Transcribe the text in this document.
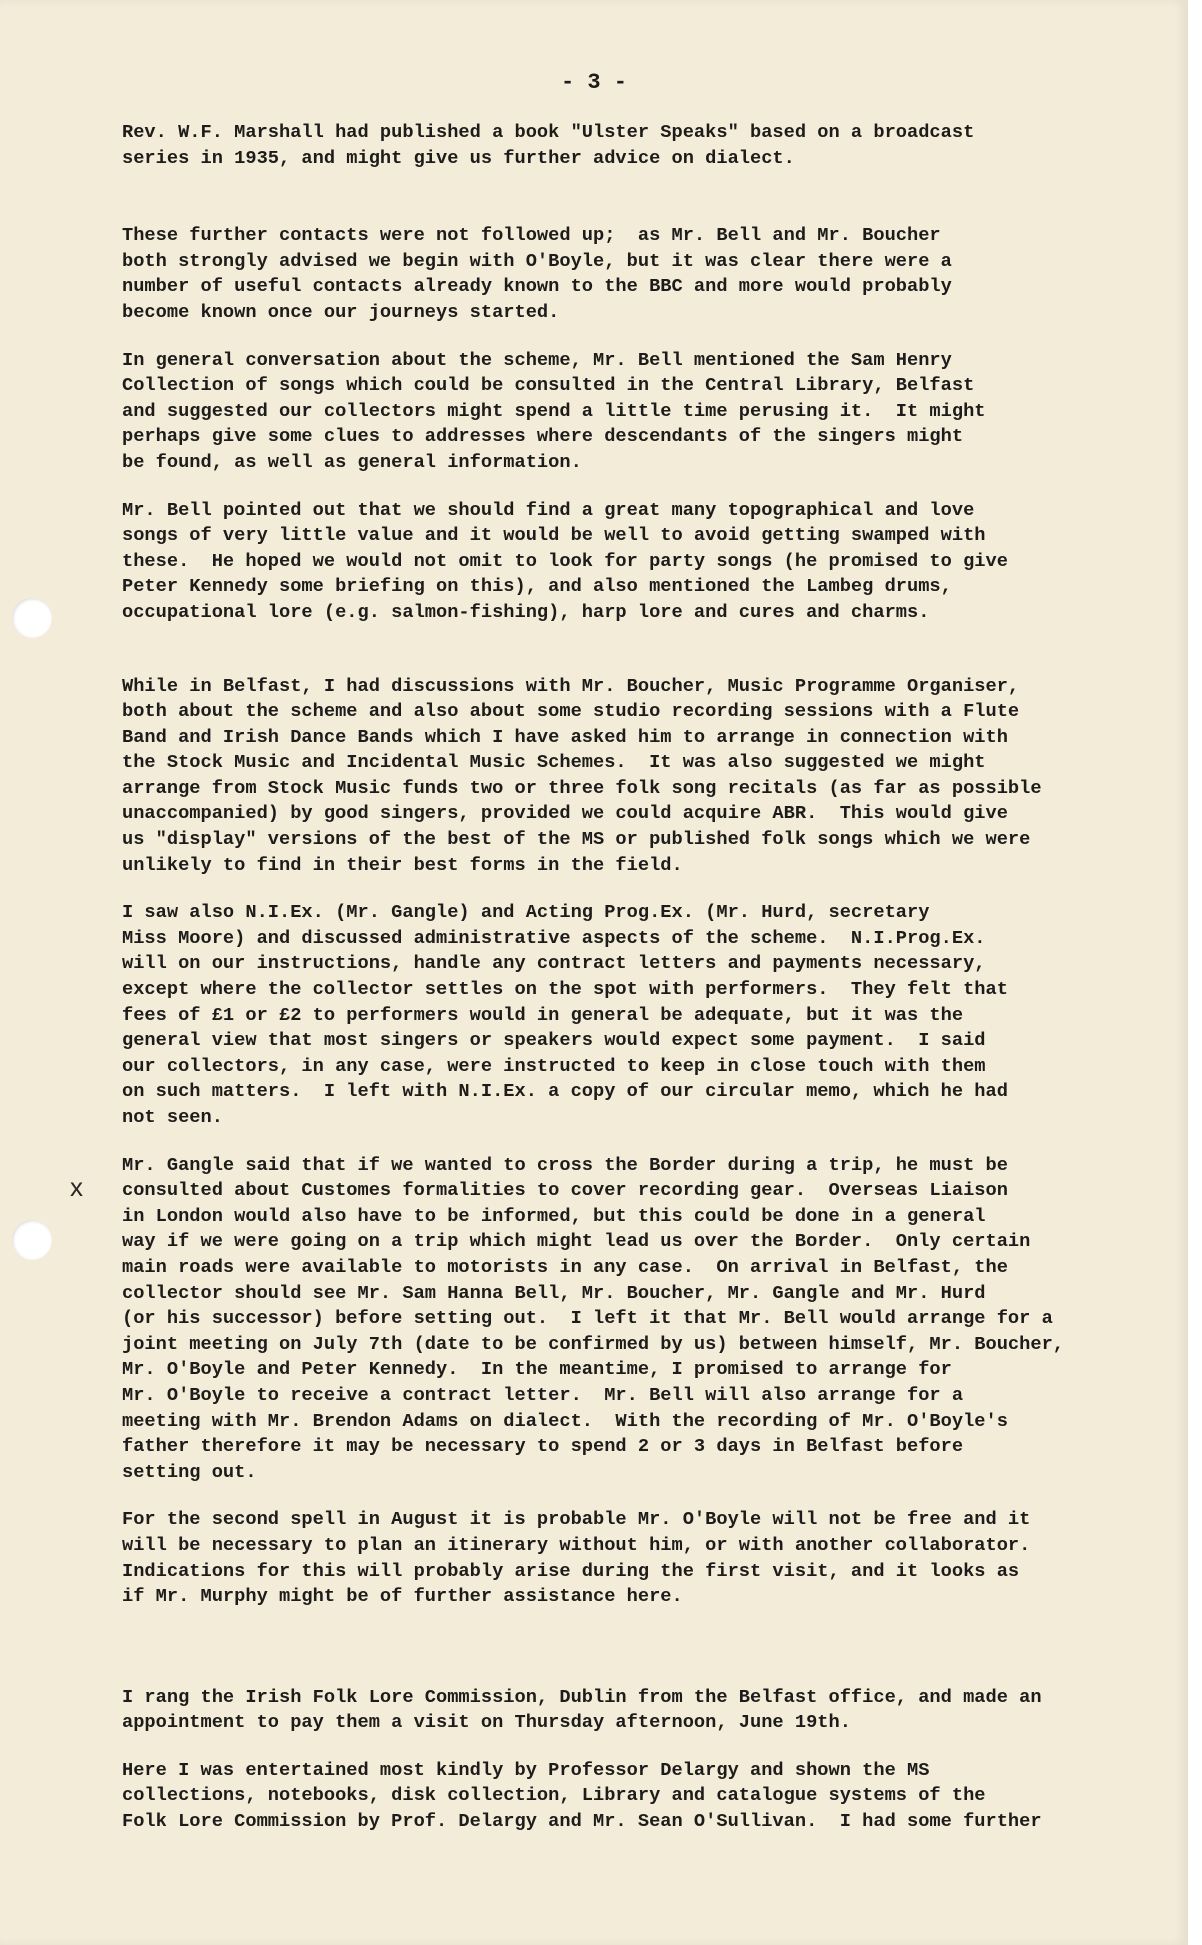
- 3 -
x

Rev. W.F. Marshall had published a book "Ulster Speaks" based on a broadcast
series in 1935, and might give us further advice on dialect.

These further contacts were not followed up;  as Mr. Bell and Mr. Boucher
both strongly advised we begin with O'Boyle, but it was clear there were a
number of useful contacts already known to the BBC and more would probably
become known once our journeys started.

In general conversation about the scheme, Mr. Bell mentioned the Sam Henry
Collection of songs which could be consulted in the Central Library, Belfast
and suggested our collectors might spend a little time perusing it.  It might
perhaps give some clues to addresses where descendants of the singers might
be found, as well as general information.

Mr. Bell pointed out that we should find a great many topographical and love
songs of very little value and it would be well to avoid getting swamped with
these.  He hoped we would not omit to look for party songs (he promised to give
Peter Kennedy some briefing on this), and also mentioned the Lambeg drums,
occupational lore (e.g. salmon-fishing), harp lore and cures and charms.

While in Belfast, I had discussions with Mr. Boucher, Music Programme Organiser,
both about the scheme and also about some studio recording sessions with a Flute
Band and Irish Dance Bands which I have asked him to arrange in connection with
the Stock Music and Incidental Music Schemes.  It was also suggested we might
arrange from Stock Music funds two or three folk song recitals (as far as possible
unaccompanied) by good singers, provided we could acquire ABR.  This would give
us "display" versions of the best of the MS or published folk songs which we were
unlikely to find in their best forms in the field.

I saw also N.I.Ex. (Mr. Gangle) and Acting Prog.Ex. (Mr. Hurd, secretary
Miss Moore) and discussed administrative aspects of the scheme.  N.I.Prog.Ex.
will on our instructions, handle any contract letters and payments necessary,
except where the collector settles on the spot with performers.  They felt that
fees of £1 or £2 to performers would in general be adequate, but it was the
general view that most singers or speakers would expect some payment.  I said
our collectors, in any case, were instructed to keep in close touch with them
on such matters.  I left with N.I.Ex. a copy of our circular memo, which he had
not seen.

Mr. Gangle said that if we wanted to cross the Border during a trip, he must be
consulted about Customes formalities to cover recording gear.  Overseas Liaison
in London would also have to be informed, but this could be done in a general
way if we were going on a trip which might lead us over the Border.  Only certain
main roads were available to motorists in any case.  On arrival in Belfast, the
collector should see Mr. Sam Hanna Bell, Mr. Boucher, Mr. Gangle and Mr. Hurd
(or his successor) before setting out.  I left it that Mr. Bell would arrange for a
joint meeting on July 7th (date to be confirmed by us) between himself, Mr. Boucher,
Mr. O'Boyle and Peter Kennedy.  In the meantime, I promised to arrange for
Mr. O'Boyle to receive a contract letter.  Mr. Bell will also arrange for a
meeting with Mr. Brendon Adams on dialect.  With the recording of Mr. O'Boyle's
father therefore it may be necessary to spend 2 or 3 days in Belfast before
setting out.

For the second spell in August it is probable Mr. O'Boyle will not be free and it
will be necessary to plan an itinerary without him, or with another collaborator.
Indications for this will probably arise during the first visit, and it looks as
if Mr. Murphy might be of further assistance here.

I rang the Irish Folk Lore Commission, Dublin from the Belfast office, and made an
appointment to pay them a visit on Thursday afternoon, June 19th.

Here I was entertained most kindly by Professor Delargy and shown the MS
collections, notebooks, disk collection, Library and catalogue systems of the
Folk Lore Commission by Prof. Delargy and Mr. Sean O'Sullivan.  I had some further
